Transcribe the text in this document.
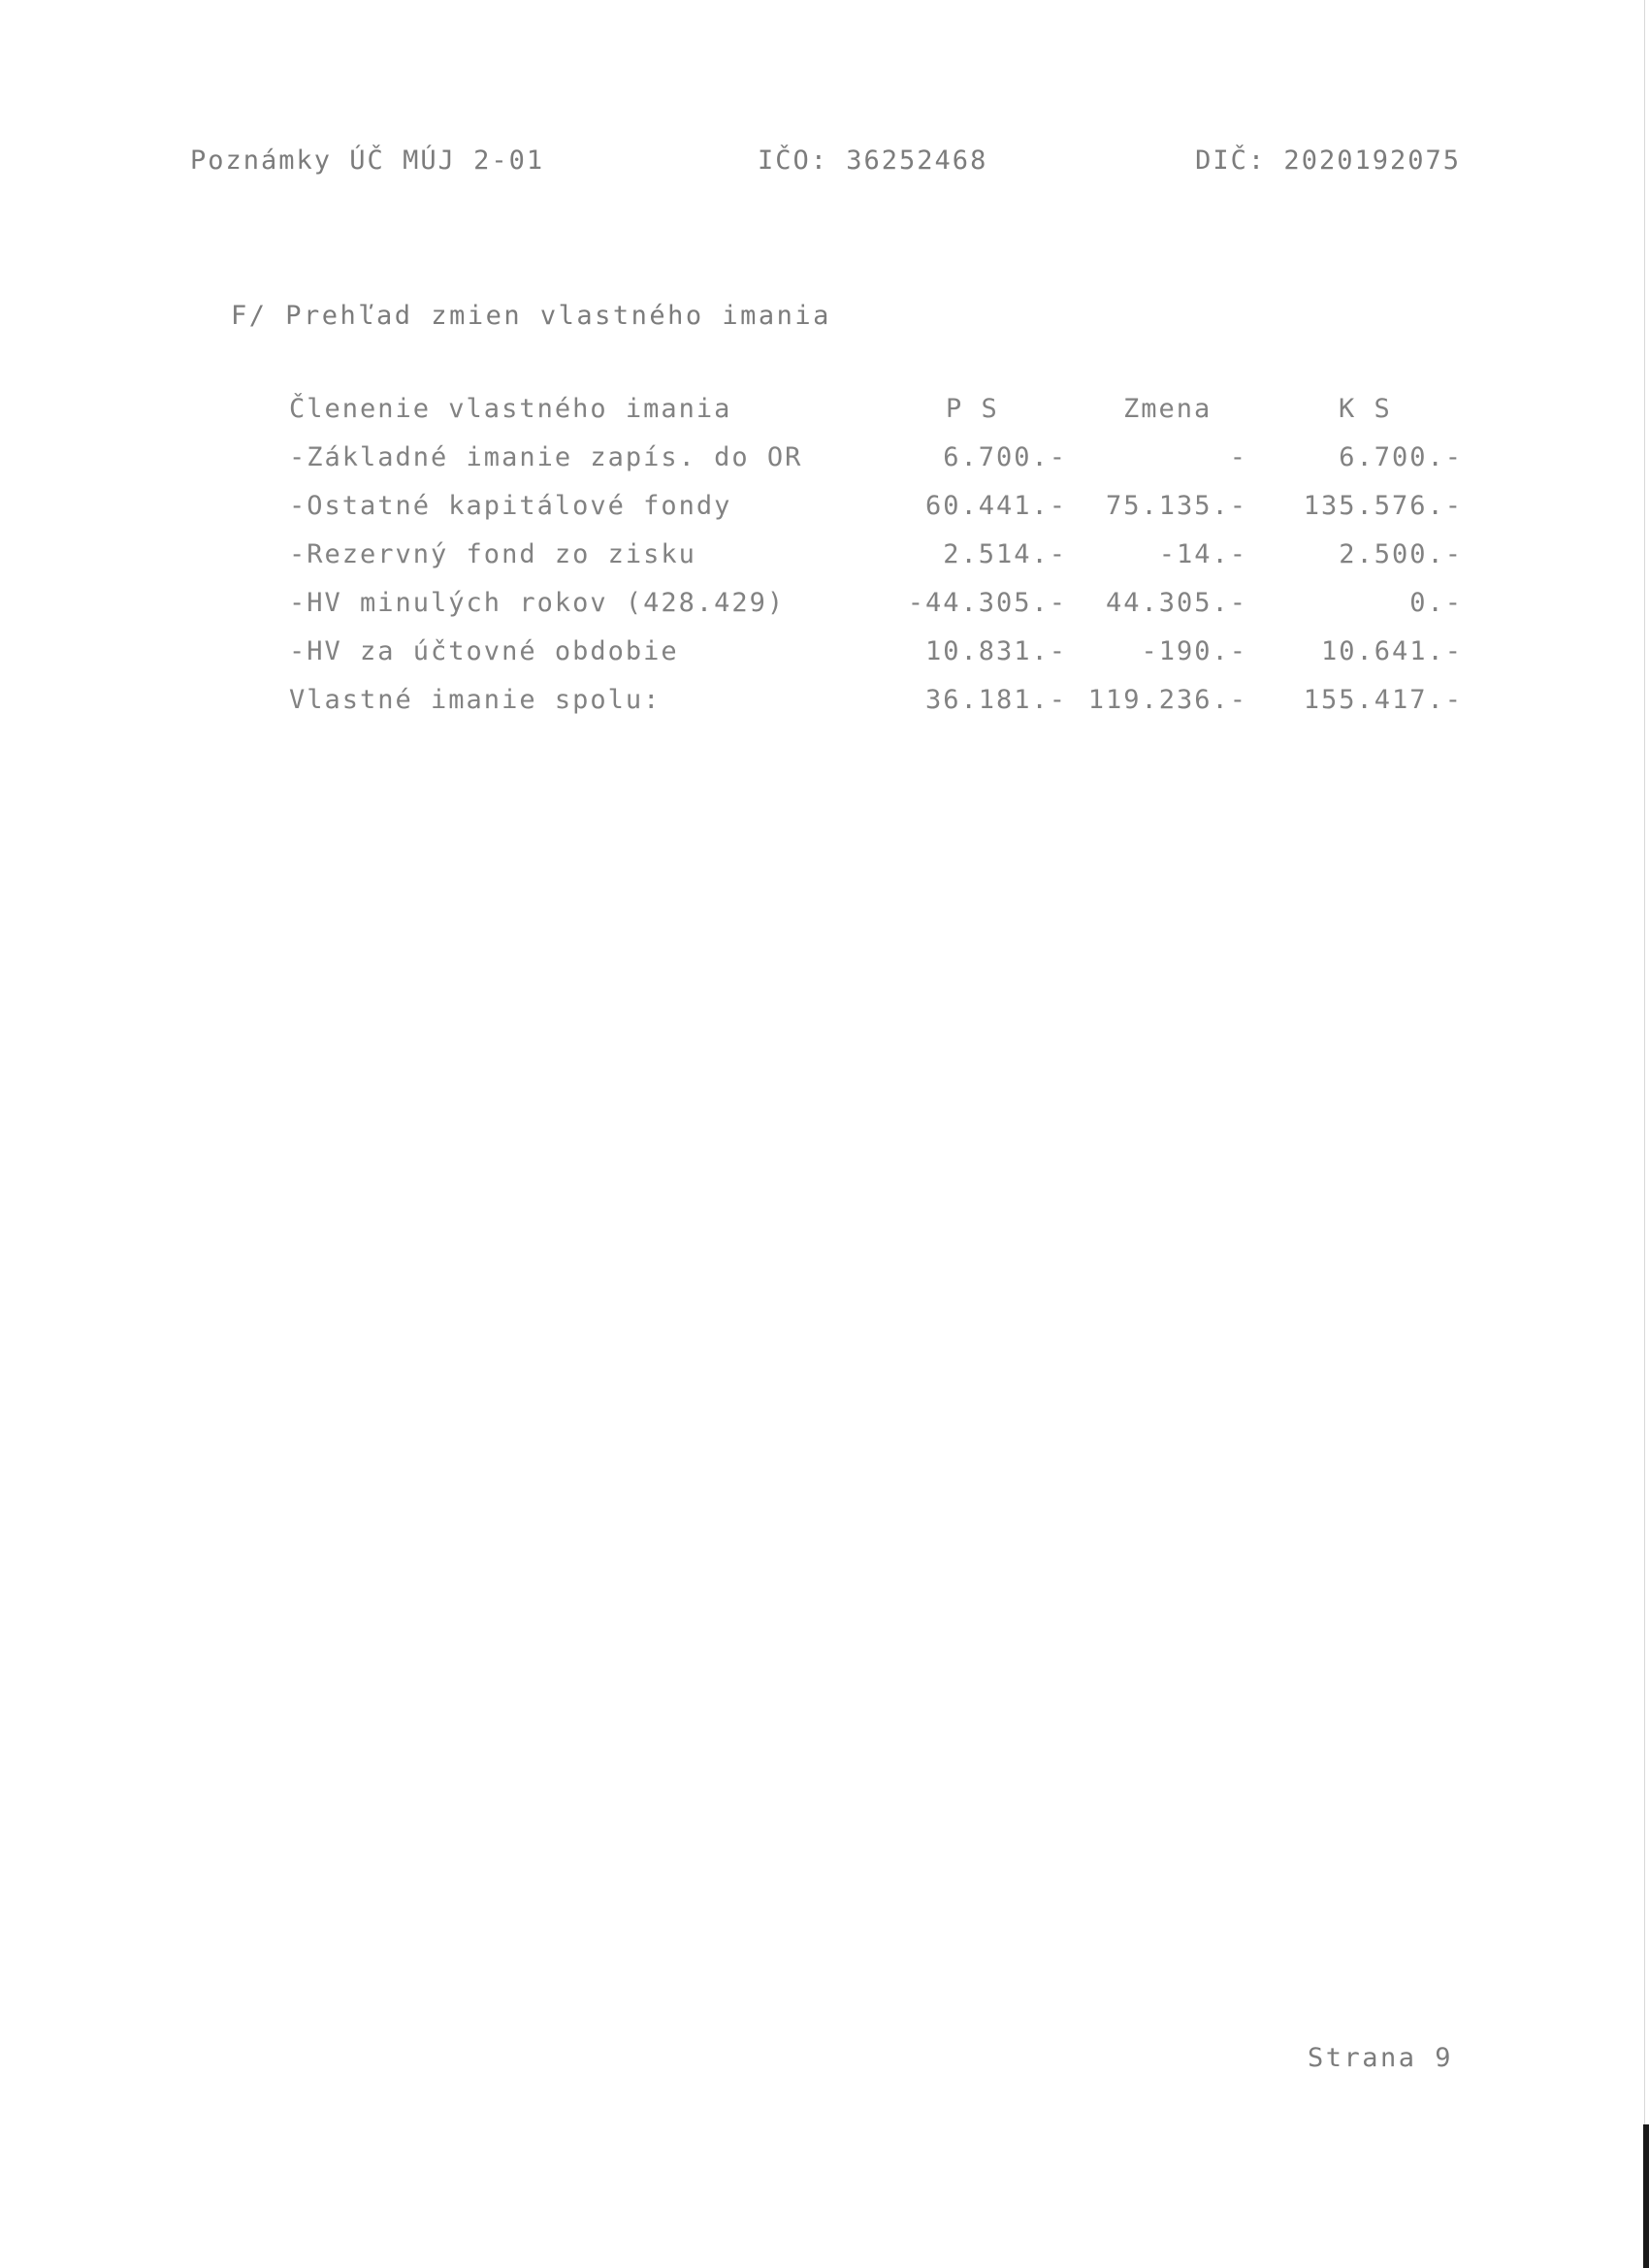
Poznámky ÚČ MÚJ 2-01	IČO: 36252468	DIČ: 2020192075
F/ Prehľad zmien vlastného imania
Členenie vlastného imania	P S	Zmena	K S
-Základné imanie zapís. do OR	6.700.-	-	6.700.-
-Ostatné kapitálové fondy	60.441.- 75.135.- 135.576.-
-Rezervný fond zo zisku	2.514.-	-14.-	2.500.-
-HV minulých rokov (428.429)	-44.305.- 44.305.-	0.-
-HV za účtovné obdobie	10.831.-	-190.-	10.641.-
Vlastné imanie spolu:	36.181.- 119.236.- 155.417.-
Strana 9
